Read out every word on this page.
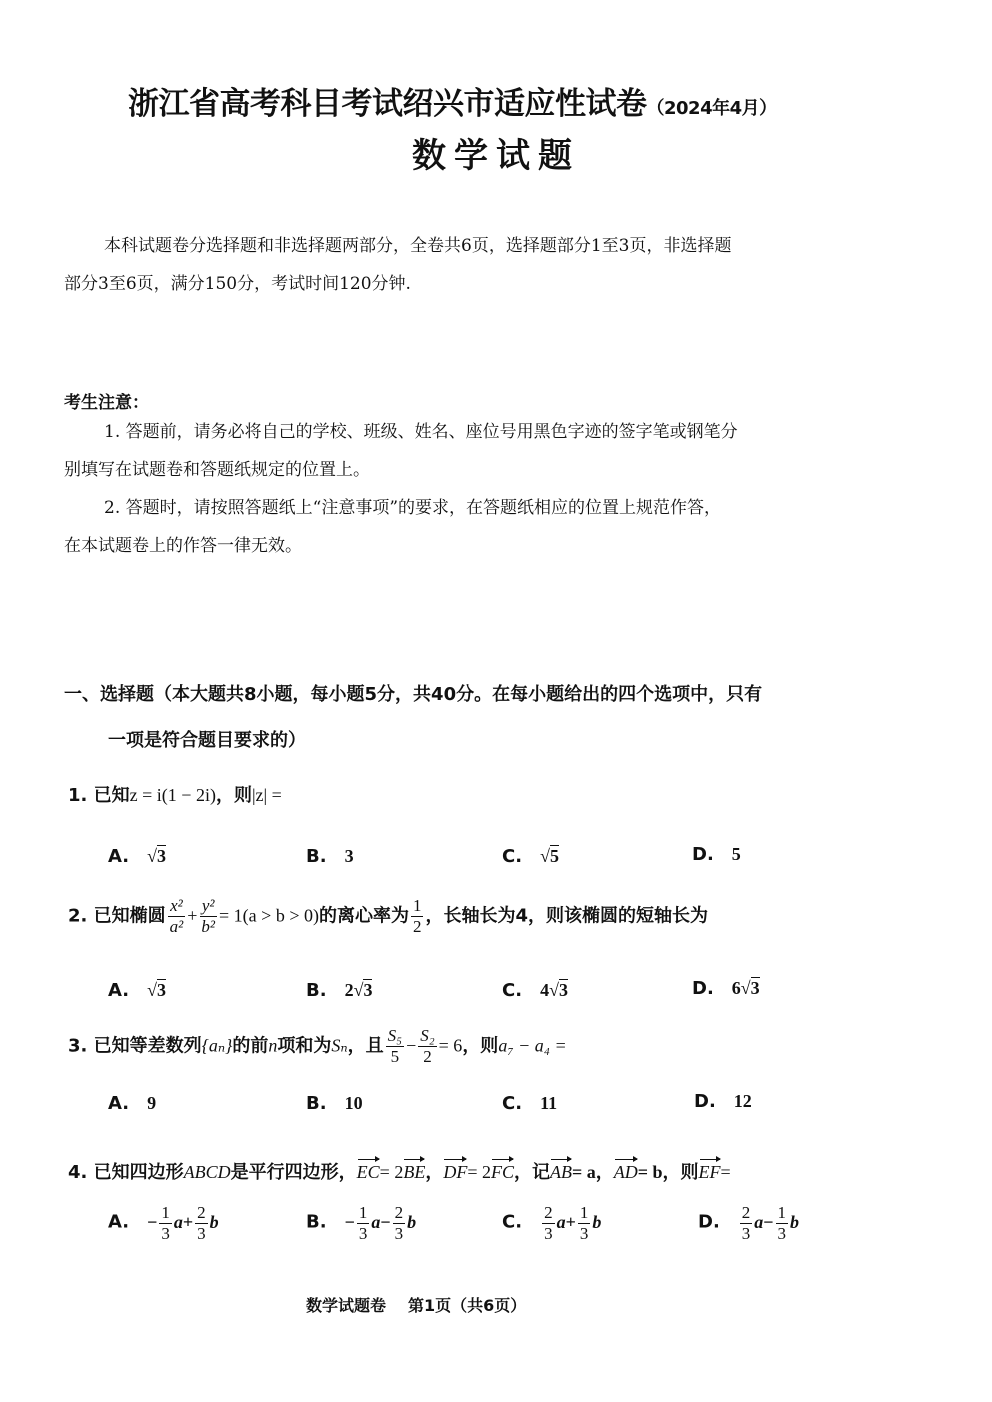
浙江省高考科目考试绍兴市适应性试卷（2024年4月）
数学试题
本科试题卷分选择题和非选择题两部分，全卷共6页，选择题部分1至3页，非选择题
部分3至6页，满分150分，考试时间120分钟.
考生注意：
1. 答题前，请务必将自己的学校、班级、姓名、座位号用黑色字迹的签字笔或钢笔分
别填写在试题卷和答题纸规定的位置上。
2. 答题时，请按照答题纸上“注意事项”的要求，在答题纸相应的位置上规范作答，
在本试题卷上的作答一律无效。
一、选择题（本大题共8小题，每小题5分，共40分。在每小题给出的四个选项中，只有
一项是符合题目要求的）
1. 已知z = i(1 − 2i)，则|z| =
A. √3	B. 3	C. √5	D. 5
2. 已知椭圆 $\frac{\text{x²}}{\text{a²}} + \frac{\text{y²}}{\text{b²}} = 1(a > b > 0)$的离心率为 $\frac{1}{2}$ ，长轴长为4，则该椭圆的短轴长为
A. √3	B. 2√3	C. 4√3	D. 6√3
3. 已知等差数列{aₙ}的前n项和为Sₙ，且 $\frac{\text{S₅}}{5} - \frac{\text{S₂}}{2} = 6$，则a₇ − a₄ =
A. 9	B. 10	C. 11	D. 12
4. 已知四边形ABCD是平行四边形，EC= 2BE，DF= 2FC，记AB= a，AD= b，则EF=
A. − $\frac{1}{3} a+ \frac{2}{3}$ b	B. − $\frac{1}{3} a- \frac{2}{3}$ b	C. $\frac{2}{3} a+ \frac{1}{3}$ b	D. $\frac{2}{3} a- \frac{1}{3}$ b
数学试题卷 第1页（共6页）
